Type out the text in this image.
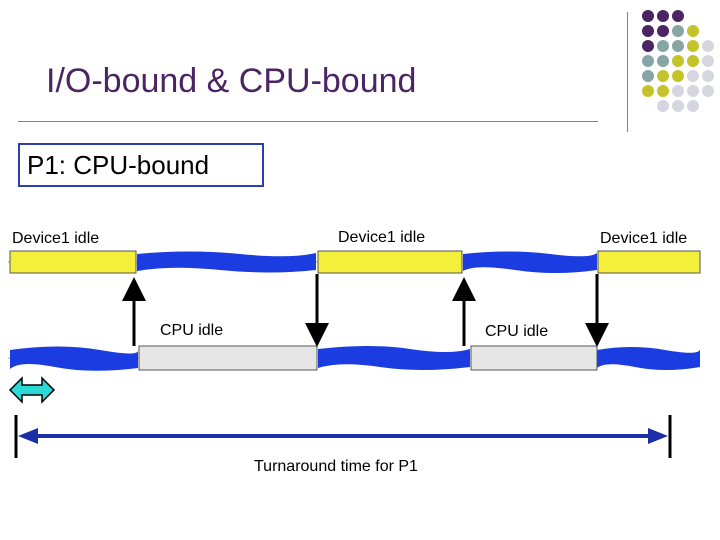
I/O-bound & CPU-bound
P1: CPU-bound
Device1 idle	Device1 idle	Device1 idle
CPU idle	CPU idle
Turnaround time for P1
